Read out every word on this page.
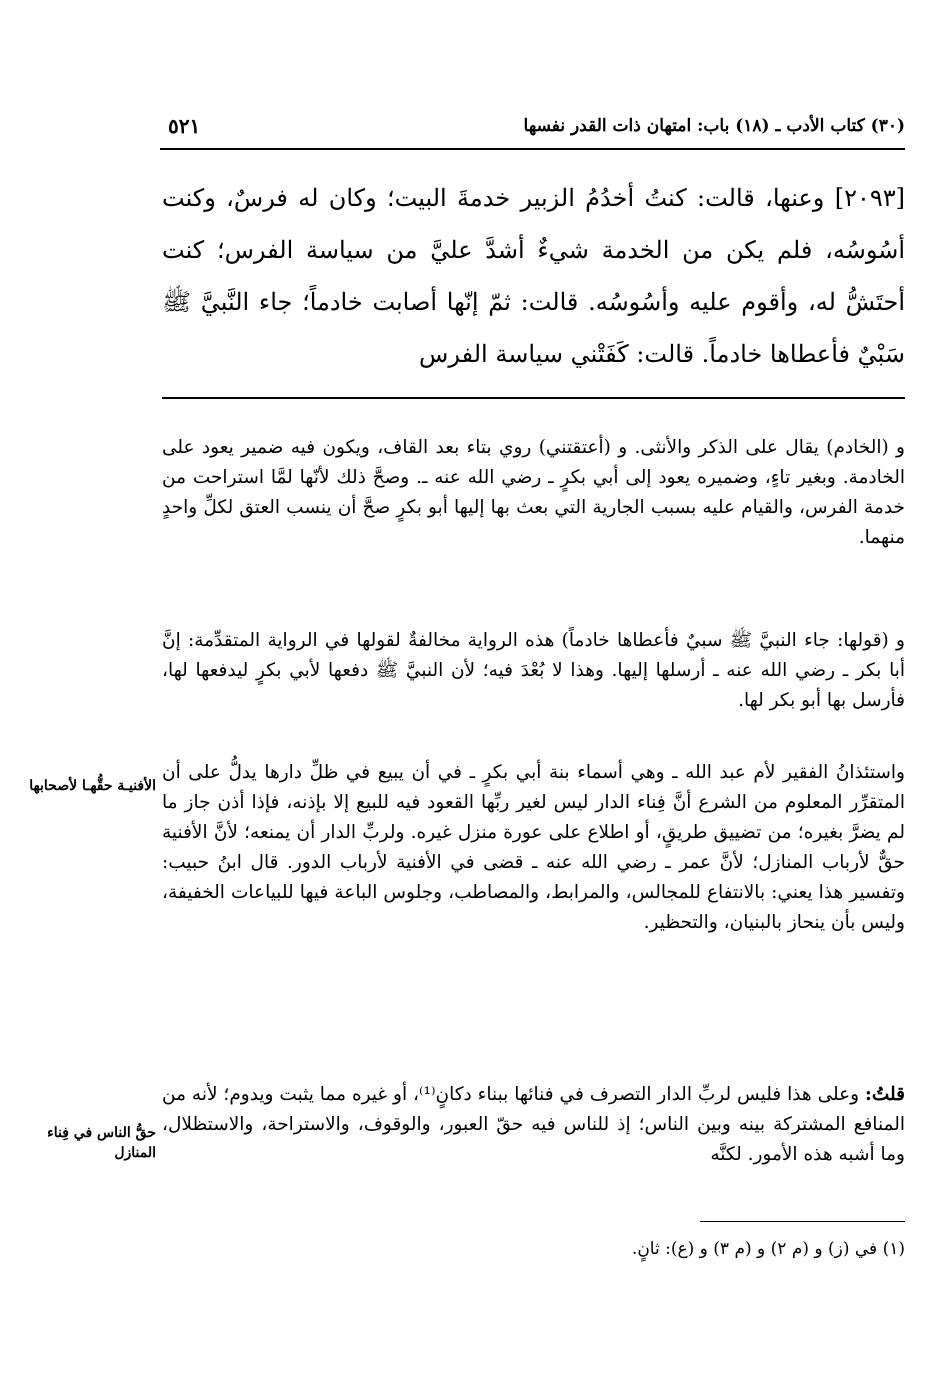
(٣٠) كتاب الأدب ـ (١٨) باب: امتهان ذات القدر نفسها
٥٢١

[٢٠٩٣] وعنها، قالت: كنتُ أخدُمُ الزبير خدمةَ البيت؛ وكان له فرسٌ، وكنت أسُوسُه، فلم يكن من الخدمة شيءٌ أشدَّ عليَّ من سياسة الفرس؛ كنت أحتَشُّ له، وأقوم عليه وأسُوسُه. قالت: ثمّ إنّها أصابت خادماً؛ جاء النَّبيَّ ﷺ سَبْيٌ فأعطاها خادماً. قالت: كَفَتْني سياسة الفرس

و (الخادم) يقال على الذكر والأنثى. و (أعتقتني) روي بتاء بعد القاف، ويكون فيه ضمير يعود على الخادمة. وبغير تاءٍ، وضميره يعود إلى أبي بكرٍ ـ رضي الله عنه ـ. وصحَّ ذلك لأنّها لمَّا استراحت من خدمة الفرس، والقيام عليه بسبب الجارية التي بعث بها إليها أبو بكرٍ صحَّ أن ينسب العتق لكلِّ واحدٍ منهما.

و (قولها: جاء النبيَّ ﷺ سبيٌ فأعطاها خادماً) هذه الرواية مخالفةٌ لقولها في الرواية المتقدِّمة: إنَّ أبا بكر ـ رضي الله عنه ـ أرسلها إليها. وهذا لا بُعْدَ فيه؛ لأن النبيَّ ﷺ دفعها لأبي بكرٍ ليدفعها لها، فأرسل بها أبو بكر لها.

واستئذانُ الفقير لأم عبد الله ـ وهي أسماء بنة أبي بكرٍ ـ في أن يبيع في ظلِّ دارها يدلُّ على أن المتقرِّر المعلوم من الشرع أنَّ فِناء الدار ليس لغير ربِّها القعود فيه للبيع إلا بإذنه، فإذا أذن جاز ما لم يضرَّ بغيره؛ من تضييق طريقٍ، أو اطلاع على عورة منزل غيره. ولربِّ الدار أن يمنعه؛ لأنَّ الأفنية حقٌّ لأرباب المنازل؛ لأنَّ عمر ـ رضي الله عنه ـ قضى في الأفنية لأرباب الدور. قال ابنُ حبيب: وتفسير هذا يعني: بالانتفاع للمجالس، والمرابط، والمصاطب، وجلوس الباعة فيها للبياعات الخفيفة، وليس بأن ينحاز بالبنيان، والتحظير.

قلتُ: وعلى هذا فليس لربِّ الدار التصرف في فنائها ببناء دكانٍ⁽¹⁾، أو غيره مما يثبت ويدوم؛ لأنه من المنافع المشتركة بينه وبين الناس؛ إذ للناس فيه حقّ العبور، والوقوف، والاستراحة، والاستظلال، وما أشبه هذه الأمور. لكنَّه

الأفنيـة حقُّهـا لأصحابها
حقُّ الناس في فِناء المنازل
(١) في (ز) و (م ٢) و (م ٣) و (ع): ثانٍ.
